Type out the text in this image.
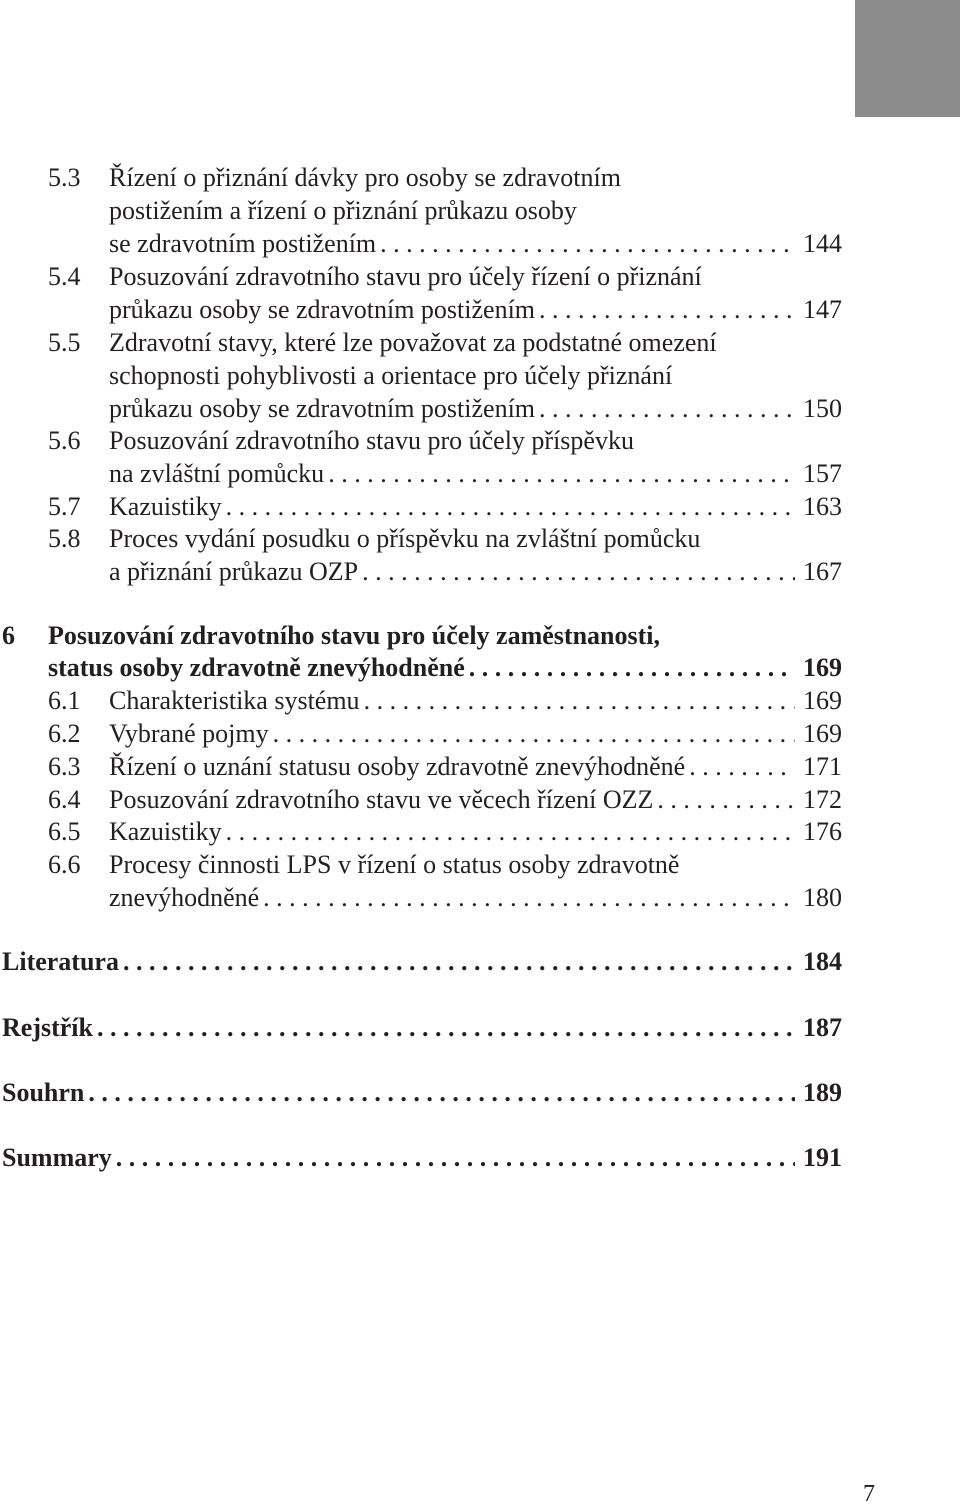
5.3 Řízení o přiznání dávky pro osoby se zdravotním
postižením a řízení o přiznání průkazu osoby
se zdravotním postižením . . .	144
5.4 Posuzování zdravotního stavu pro účely řízení o přiznání
průkazu osoby se zdravotním postižením . . .	147
5.5 Zdravotní stavy, které lze považovat za podstatné omezení
schopnosti pohyblivosti a orientace pro účely přiznání
průkazu osoby se zdravotním postižením . . .	150
5.6 Posuzování zdravotního stavu pro účely příspěvku
na zvláštní pomůcku . . .	157
5.7 Kazuistiky . . .	163
5.8 Proces vydání posudku o příspěvku na zvláštní pomůcku
a přiznání průkazu OZP . . .	167
6 Posuzování zdravotního stavu pro účely zaměstnanosti,
status osoby zdravotně znevýhodněné . . .	169
6.1 Charakteristika systému . . .	169
6.2 Vybrané pojmy . . .	169
6.3 Řízení o uznání statusu osoby zdravotně znevýhodněné . . .	171
6.4 Posuzování zdravotního stavu ve věcech řízení OZZ . . .	172
6.5 Kazuistiky . . .	176
6.6 Procesy činnosti LPS v řízení o status osoby zdravotně
znevýhodněné . . .	180
Literatura . . .	184
Rejstřík . . .	187
Souhrn . . .	189
Summary . . .	191
7
